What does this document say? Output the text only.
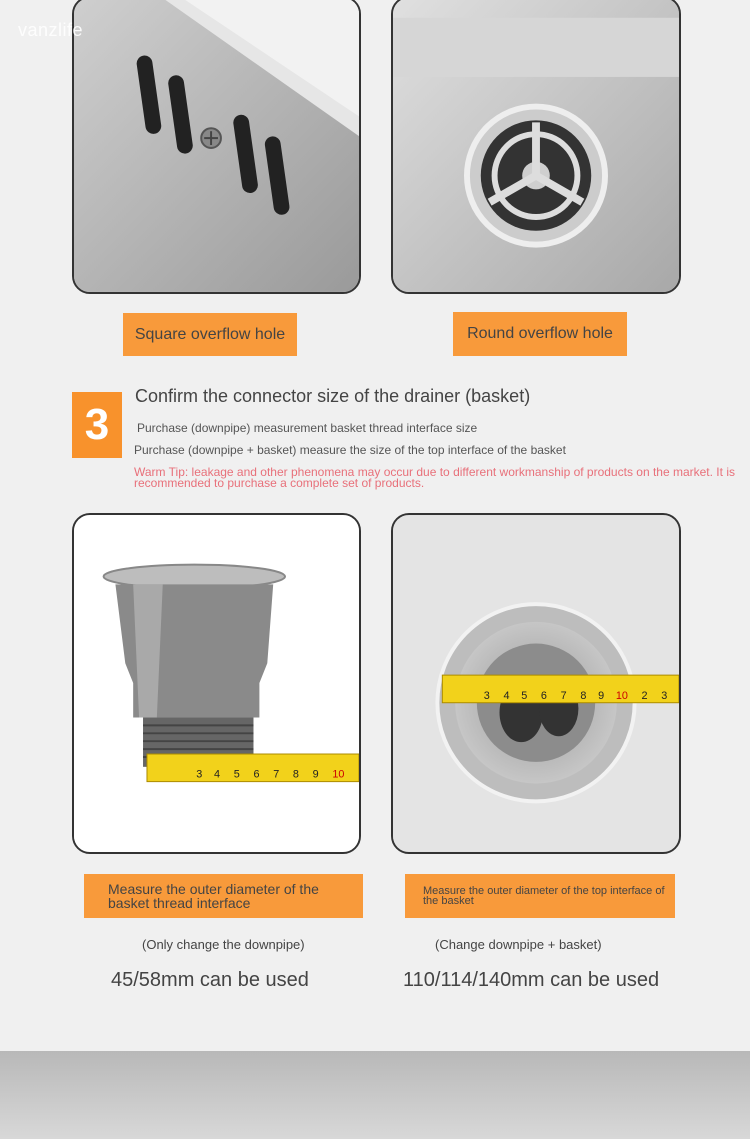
vanzlife
Square overflow hole	Round overflow hole
3
Confirm the connector size of the drainer (basket)
Purchase (downpipe) measurement basket thread interface size
Purchase (downpipe + basket) measure the size of the top interface of the basket
Warm Tip: leakage and other phenomena may occur due to different workmanship of products on the market. It is recommended to purchase a complete set of products.
3 4 5 6 7 8 9 10
3 4 5 6 7 8 9 10 2 3
Measure the outer diameter of the basket thread interface
Measure the outer diameter of the top interface of the basket
(Only change the downpipe)	(Change downpipe + basket)
45/58mm can be used	110/114/140mm can be used
